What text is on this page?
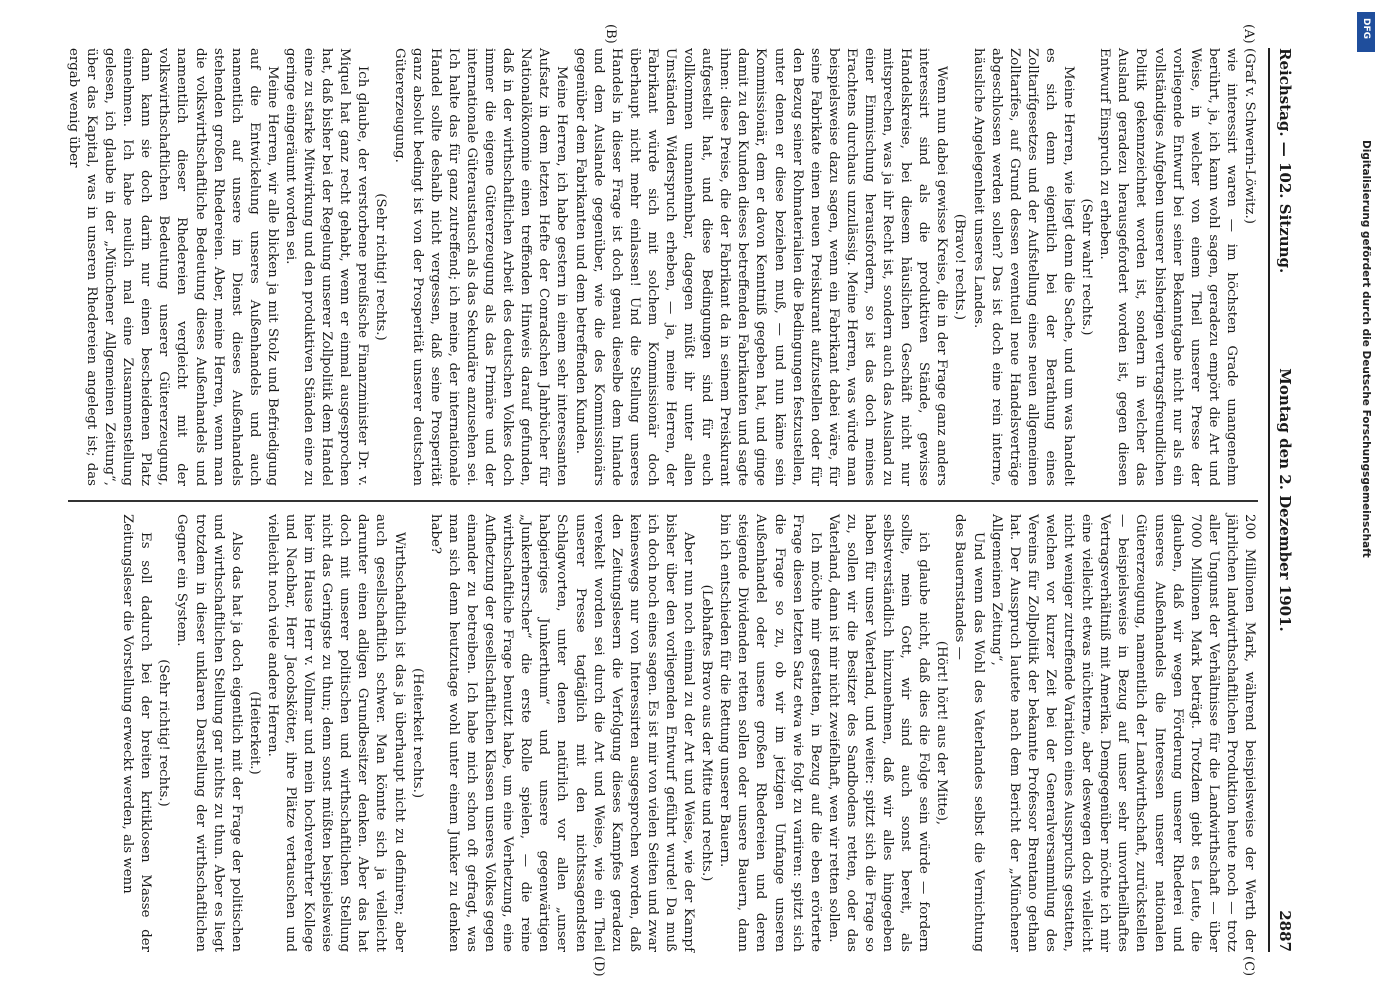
Reichstag. — 102. Sitzung.
Montag den 2. Dezember 1901.
2887

(Graf v. Schwerin-Löwitz.)

wie interessirt waren — im höchsten Grade unangenehm berührt, ja, ich kann wohl sagen, geradezu empört die Art und Weise, in welcher von einem Theil unserer Presse der vorliegende Entwurf bei seiner Bekanntgabe nicht nur als ein vollständiges Aufgeben unserer bisherigen vertragsfreundlichen Politik gekennzeichnet worden ist, sondern in welcher das Ausland geradezu herausgefordert worden ist, gegen diesen Entwurf Einspruch zu erheben.

(Sehr wahr! rechts.)

Meine Herren, wie liegt denn die Sache, und um was handelt es sich denn eigentlich bei der Berathung eines Zolltarifgesetzes und der Aufstellung eines neuen allgemeinen Zolltarifes, auf Grund dessen eventuell neue Handelsverträge abgeschlossen werden sollen? Das ist doch eine rein interne, häusliche Angelegenheit unseres Landes.

(Bravo! rechts.)

Wenn nun dabei gewisse Kreise, die in der Frage ganz anders interessirt sind als die produktiven Stände, gewisse Handelskreise, bei diesem häuslichen Geschäft nicht nur mitsprechen, was ja ihr Recht ist, sondern auch das Ausland zu einer Einmischung herausfordern, so ist das doch meines Erachtens durchaus unzulässig. Meine Herren, was würde man beispielsweise dazu sagen, wenn ein Fabrikant dabei wäre, für seine Fabrikate einen neuen Preiskurant aufzustellen oder für den Bezug seiner Rohmaterialien die Bedingungen festzustellen, unter denen er diese beziehen muß, — und nun käme sein Kommissionär, dem er davon Kenntniß gegeben hat, und ginge damit zu den Kunden dieses betreffenden Fabrikanten und sagte ihnen: diese Preise, die der Fabrikant da in seinem Preiskurant aufgestellt hat, und diese Bedingungen sind für euch vollkommen unannehmbar, dagegen müßt ihr unter allen Umständen Widerspruch erheben, — ja, meine Herren, der Fabrikant würde sich mit solchem Kommissionär doch überhaupt nicht mehr einlassen! Und die Stellung unseres Handels in dieser Frage ist doch genau dieselbe dem Inlande und dem Auslande gegenüber, wie die des Kommissionärs gegenüber dem Fabrikanten und dem betreffenden Kunden.

Meine Herren, ich habe gestern in einem sehr interessanten Aufsatz in dem letzten Hefte der Conradschen Jahrbücher für Nationalökonomie einen treffenden Hinweis darauf gefunden, daß in der wirthschaftlichen Arbeit des deutschen Volkes doch immer die eigene Gütererzeugung als das Primäre und der internationale Güteraustausch als das Sekundäre anzusehen sei. Ich halte das für ganz zutreffend; ich meine, der internationale Handel sollte deshalb nicht vergessen, daß seine Prosperität ganz absolut bedingt ist von der Prosperität unserer deutschen Gütererzeugung.

(Sehr richtig! rechts.)

Ich glaube, der verstorbene preußische Finanzminister Dr. v. Miquel hat ganz recht gehabt, wenn er einmal ausgesprochen hat, daß bisher bei der Regelung unserer Zollpolitik dem Handel eine zu starke Mitwirkung und den produktiven Ständen eine zu geringe eingeräumt worden sei.

Meine Herren, wir alle blicken ja mit Stolz und Befriedigung auf die Entwickelung unseres Außenhandels und auch namentlich auf unsere im Dienst dieses Außenhandels stehenden großen Rhedereien. Aber, meine Herren, wenn man die volkswirthschaftliche Bedeutung dieses Außenhandels und namentlich dieser Rhedereien vergleicht mit der volkswirthschaftlichen Bedeutung unserer Gütererzeugung, dann kann sie doch darin nur einen bescheidenen Platz einnehmen. Ich habe neulich mal eine Zusammenstellung gelesen, ich glaube in der „Münchener Allgemeinen Zeitung“, über das Kapital, was in unseren Rhedereien angelegt ist; das ergab wenig über

200 Millionen Mark, während beispielsweise der Werth der jährlichen landwirthschaftlichen Produktion heute noch — trotz aller Ungunst der Verhältnisse für die Landwirthschaft — über 7000 Millionen Mark beträgt. Trotzdem giebt es Leute, die glauben, daß wir wegen Förderung unserer Rhederei und unseres Außenhandels die Interessen unserer nationalen Gütererzeugung, namentlich der Landwirthschaft, zurückstellen — beispielsweise in Bezug auf unser sehr unvortheilhaftes Vertragsverhältniß mit Amerika. Demgegenüber möchte ich mir eine vielleicht etwas nüchterne, aber deswegen doch vielleicht nicht weniger zutreffende Variation eines Ausspruchs gestatten, welchen vor kurzer Zeit bei der Generalversammlung des Vereins für Zollpolitik der bekannte Professor Brentano gethan hat. Der Ausspruch lautete nach dem Bericht der „Münchener Allgemeinen Zeitung“,

Und wenn das Wohl des Vaterlandes selbst die Vernichtung des Bauernstandes —

(Hört! hört! aus der Mitte),

ich glaube nicht, daß dies die Folge sein würde — fordern sollte, mein Gott, wir sind auch sonst bereit, als selbstverständlich hinzunehmen, daß wir alles hingegeben haben für unser Vaterland, und weiter: spitzt sich die Frage so zu, sollen wir die Besitzer des Sandbodens retten, oder das Vaterland, dann ist mir nicht zweifelhaft, wen wir retten sollen.

Ich möchte mir gestatten, in Bezug auf die eben erörterte Frage diesen letzten Satz etwa wie folgt zu variiren: spitzt sich die Frage so zu, ob wir im jetzigen Umfange unseren Außenhandel oder unsere großen Rhedereien und deren steigende Dividenden retten sollen oder unsere Bauern, dann bin ich entschieden für die Rettung unserer Bauern.

(Lebhaftes Bravo aus der Mitte und rechts.)

Aber nun noch einmal zu der Art und Weise, wie der Kampf bisher über den vorliegenden Entwurf geführt wurde! Da muß ich doch noch eines sagen. Es ist mir von vielen Seiten und zwar keineswegs nur von Interessirten ausgesprochen worden, daß den Zeitungslesern die Verfolgung dieses Kampfes geradezu verekelt worden sei durch die Art und Weise, wie ein Theil unserer Presse tagtäglich mit den nichtssagendsten Schlagworten, unter denen natürlich vor allen „unser habgieriges Junkerthum“ und unsere gegenwärtigen „Junkerherrscher“ die erste Rolle spielen, — die reine wirthschaftliche Frage benutzt habe, um eine Verhetzung, eine Aufhetzung der gesellschaftlichen Klassen unseres Volkes gegen einander zu betreiben. Ich habe mich schon oft gefragt, was man sich denn heutzutage wohl unter einem Junker zu denken habe?

(Heiterkeit rechts.)

Wirthschaftlich ist das ja überhaupt nicht zu definiren; aber auch gesellschaftlich schwer. Man könnte sich ja vielleicht darunter einen adligen Grundbesitzer denken. Aber das hat doch mit unserer politischen und wirthschaftlichen Stellung nicht das Geringste zu thun; denn sonst müßten beispielsweise hier im Hause Herr v. Vollmar und mein hochverehrter Kollege und Nachbar, Herr Jacobskötter, ihre Plätze vertauschen und vielleicht noch viele andere Herren.

(Heiterkeit.)

Also das hat ja doch eigentlich mit der Frage der politischen und wirthschaftlichen Stellung gar nichts zu thun. Aber es liegt trotzdem in dieser unklaren Darstellung der wirthschaftlichen Gegner ein System.

(Sehr richtig! rechts.)

Es soll dadurch bei der breiten kritiklosen Masse der Zeitungsleser die Vorstellung erweckt werden, als wenn

(A)
(B)
(C)
(D)
DFG
Digitalisierung gefördert durch die Deutsche Forschungsgemeinschaft
